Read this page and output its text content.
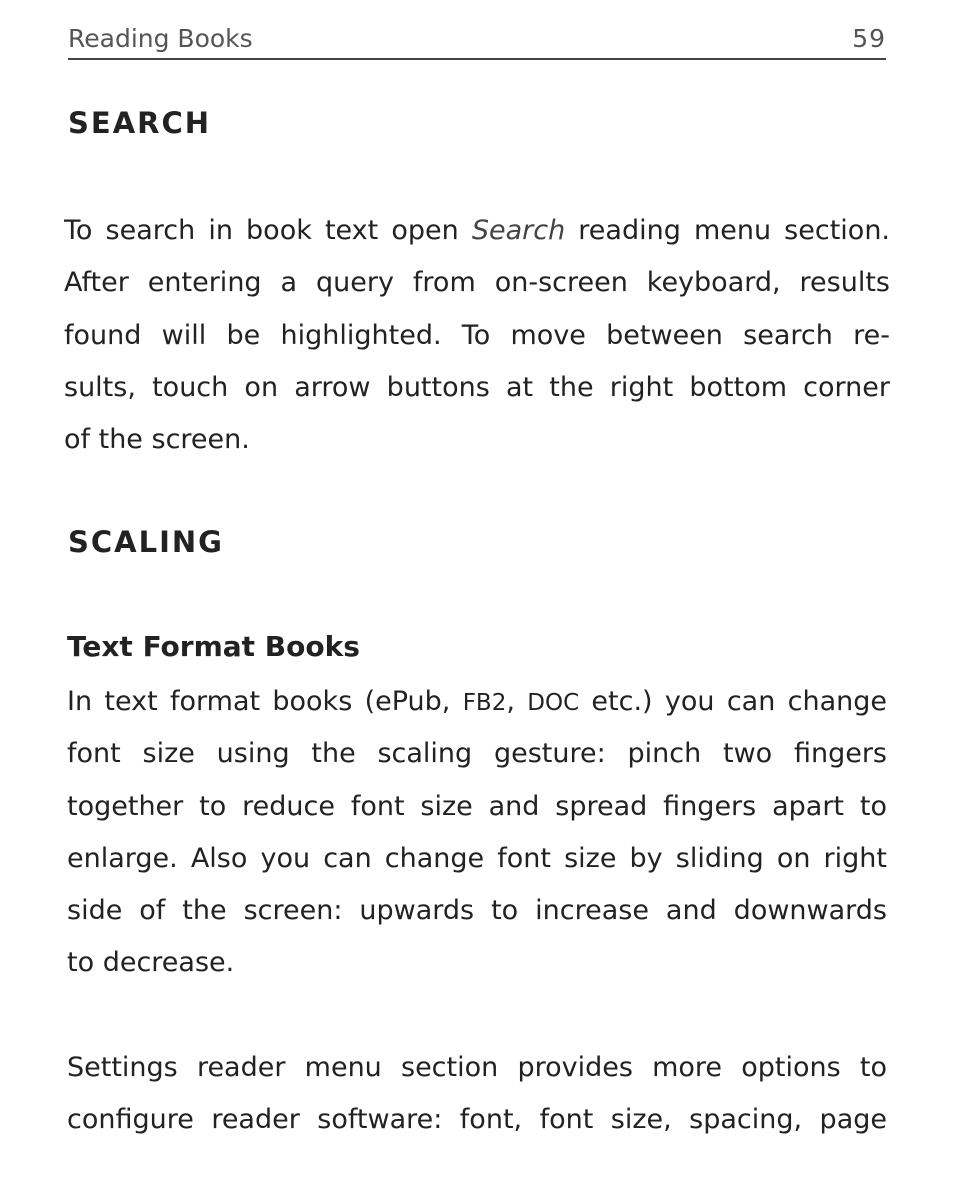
Reading Books	59
SEARCH
To search in book text open Search reading menu section.
After entering a query from on-screen keyboard, results
found will be highlighted. To move between search re-
sults, touch on arrow buttons at the right bottom corner
of the screen.
SCALING
Text Format Books
In text format books (ePub, FB2, DOC etc.) you can change
font size using the scaling gesture: pinch two fingers
together to reduce font size and spread fingers apart to
enlarge. Also you can change font size by sliding on right
side of the screen: upwards to increase and downwards
to decrease.
Settings reader menu section provides more options to
configure reader software: font, font size, spacing, page
